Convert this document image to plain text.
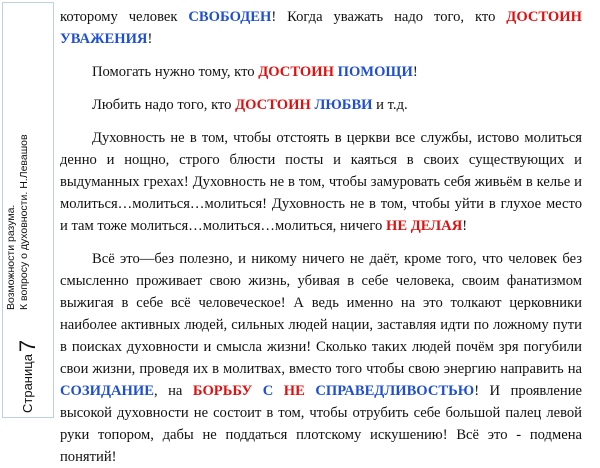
Страница7
Возможности разума. К вопросу о духовности. Н.Левашов

которому человек СВОБОДЕН! Когда уважать надо того, кто ДОСТОИН УВАЖЕНИЯ!

Помогать нужно тому, кто ДОСТОИН ПОМОЩИ!

Любить надо того, кто ДОСТОИН ЛЮБВИ и т.д.

Духовность не в том, чтобы отстоять в церкви все службы, истово молиться денно и нощно, строго блюсти посты и каяться в своих существующих и выдуманных грехах! Духовность не в том, чтобы замуровать себя живьём в келье и молиться…молиться…молиться! Духовность не в том, чтобы уйти в глухое место и там тоже молиться…молиться…молиться, ничего НЕ ДЕЛАЯ!

Всё это—без полезно, и никому ничего не даёт, кроме того, что человек без смысленно проживает свою жизнь, убивая в себе человека, своим фанатизмом выжигая в себе всё человеческое! А ведь именно на это толкают церковники наиболее активных людей, сильных людей нации, заставляя идти по ложному пути в поисках духовности и смысла жизни! Сколько таких людей почём зря погубили свои жизни, проведя их в молитвах, вместо того чтобы свою энергию направить на СОЗИДАНИЕ, на БОРЬБУ С НЕ СПРАВЕДЛИВОСТЬЮ! И проявление высокой духовности не состоит в том, чтобы отрубить себе большой палец левой руки топором, дабы не поддаться плотскому искушению! Всё это - подмена понятий!
